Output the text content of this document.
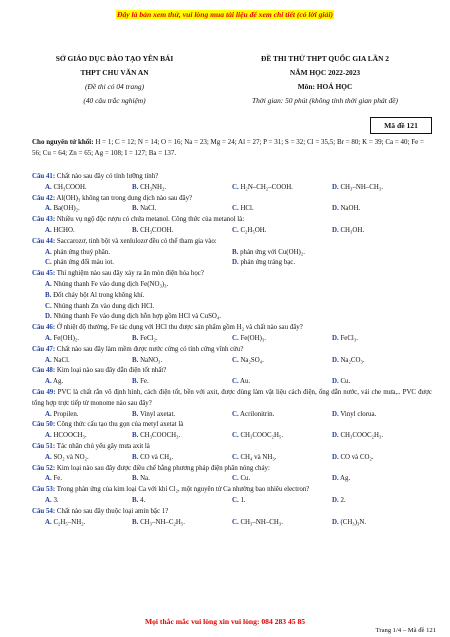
Đây là bản xem thử, vui lòng mua tài liệu để xem chi tiết (có lời giải)
SỞ GIÁO DỤC ĐÀO TẠO YÊN BÁI
THPT CHU VĂN AN
(Đề thi có 04 trang)
(40 câu trắc nghiệm)
ĐỀ THI THỬ THPT QUỐC GIA LẦN 2
NĂM HỌC 2022-2023
Môn: HOÁ HỌC
Thời gian: 50 phút (không tính thời gian phát đề)
Mã đề 121
Cho nguyên tử khối: H = 1; C = 12; N = 14; O = 16; Na = 23; Mg = 24; Al = 27; P = 31; S = 32; Cl = 35,5; Br = 80; K = 39; Ca = 40; Fe = 56; Cu = 64; Zn = 65; Ag = 108; I = 127; Ba = 137.
Câu 41: Chất nào sau đây có tính lưỡng tính?
A. CH₃COOH.	B. CH₃NH₂.	C. H₂N–CH₂–COOH.	D. CH₃–NH–CH₃.
Câu 42: Al(OH)₃ không tan trong dung dịch nào sau đây?
A. Ba(OH)₂.	B. NaCl.	C. HCl.	D. NaOH.
Câu 43: Nhiều vụ ngộ độc rượu có chứa metanol. Công thức của metanol là:
A. HCHO.	B. CH₃COOH.	C. C₂H₅OH.	D. CH₃OH.
Câu 44: Saccarozơ, tinh bột và xenlulozơ đều có thể tham gia vào:
A. phản ứng thuỷ phân.	B. phản ứng với Cu(OH)₂.
C. phản ứng đổi màu iot.	D. phản ứng tráng bạc.
Câu 45: Thí nghiệm nào sau đây xảy ra ăn mòn điện hóa học?
A. Nhúng thanh Fe vào dung dịch Fe(NO₃)₃.
B. Đốt cháy bột Al trong không khí.
C. Nhúng thanh Zn vào dung dịch HCl.
D. Nhúng thanh Fe vào dung dịch hỗn hợp gồm HCl và CuSO₄.
Câu 46: Ở nhiệt độ thường, Fe tác dụng với HCl thu được sản phẩm gồm H₂ và chất nào sau đây?
A. Fe(OH)₂.	B. FeCl₂.	C. Fe(OH)₃.	D. FeCl₃.
Câu 47: Chất nào sau đây làm mềm được nước cứng có tính cứng vĩnh cửu?
A. NaCl.	B. NaNO₃.	C. Na₂SO₄.	D. Na₂CO₃.
Câu 48: Kim loại nào sau đây dẫn điện tốt nhất?
A. Ag.	B. Fe.	C. Au.	D. Cu.
Câu 49: PVC là chất rắn vô định hình, cách điện tốt, bền với axit, được dùng làm vật liệu cách điện, ống dẫn nước, vải che mưa,.. PVC được tổng hợp trực tiếp từ monome nào sau đây?
A. Propilen.	B. Vinyl axetat.	C. Acrilonitrin.	D. Vinyl clorua.
Câu 50: Công thức cấu tạo thu gọn của metyl axetat là
A. HCOOCH₃.	B. CH₃COOCH₃.	C. CH₃COOC₂H₅.	D. CH₃COOC₂H₃.
Câu 51: Tác nhân chủ yếu gây mưa axit là
A. SO₂ và NO₂.	B. CO và CH₄.	C. CH₄ và NH₃.	D. CO và CO₂.
Câu 52: Kim loại nào sau đây được điều chế bằng phương pháp điện phân nóng chảy:
A. Fe.	B. Na.	C. Cu.	D. Ag.
Câu 53: Trong phản ứng của kim loại Ca với khí Cl₂, một nguyên tử Ca nhường bao nhiêu electron?
A. 3.	B. 4.	C. 1.	D. 2.
Câu 54: Chất nào sau đây thuộc loại amin bậc 1?
A. C₂H₅–NH₂.	B. CH₃–NH–C₂H₅.	C. CH₃–NH–CH₃.	D. (CH₃)₃N.
Mọi thắc mắc vui lòng xin vui lòng: 084 283 45 85
Trang 1/4 – Mã đề 121
